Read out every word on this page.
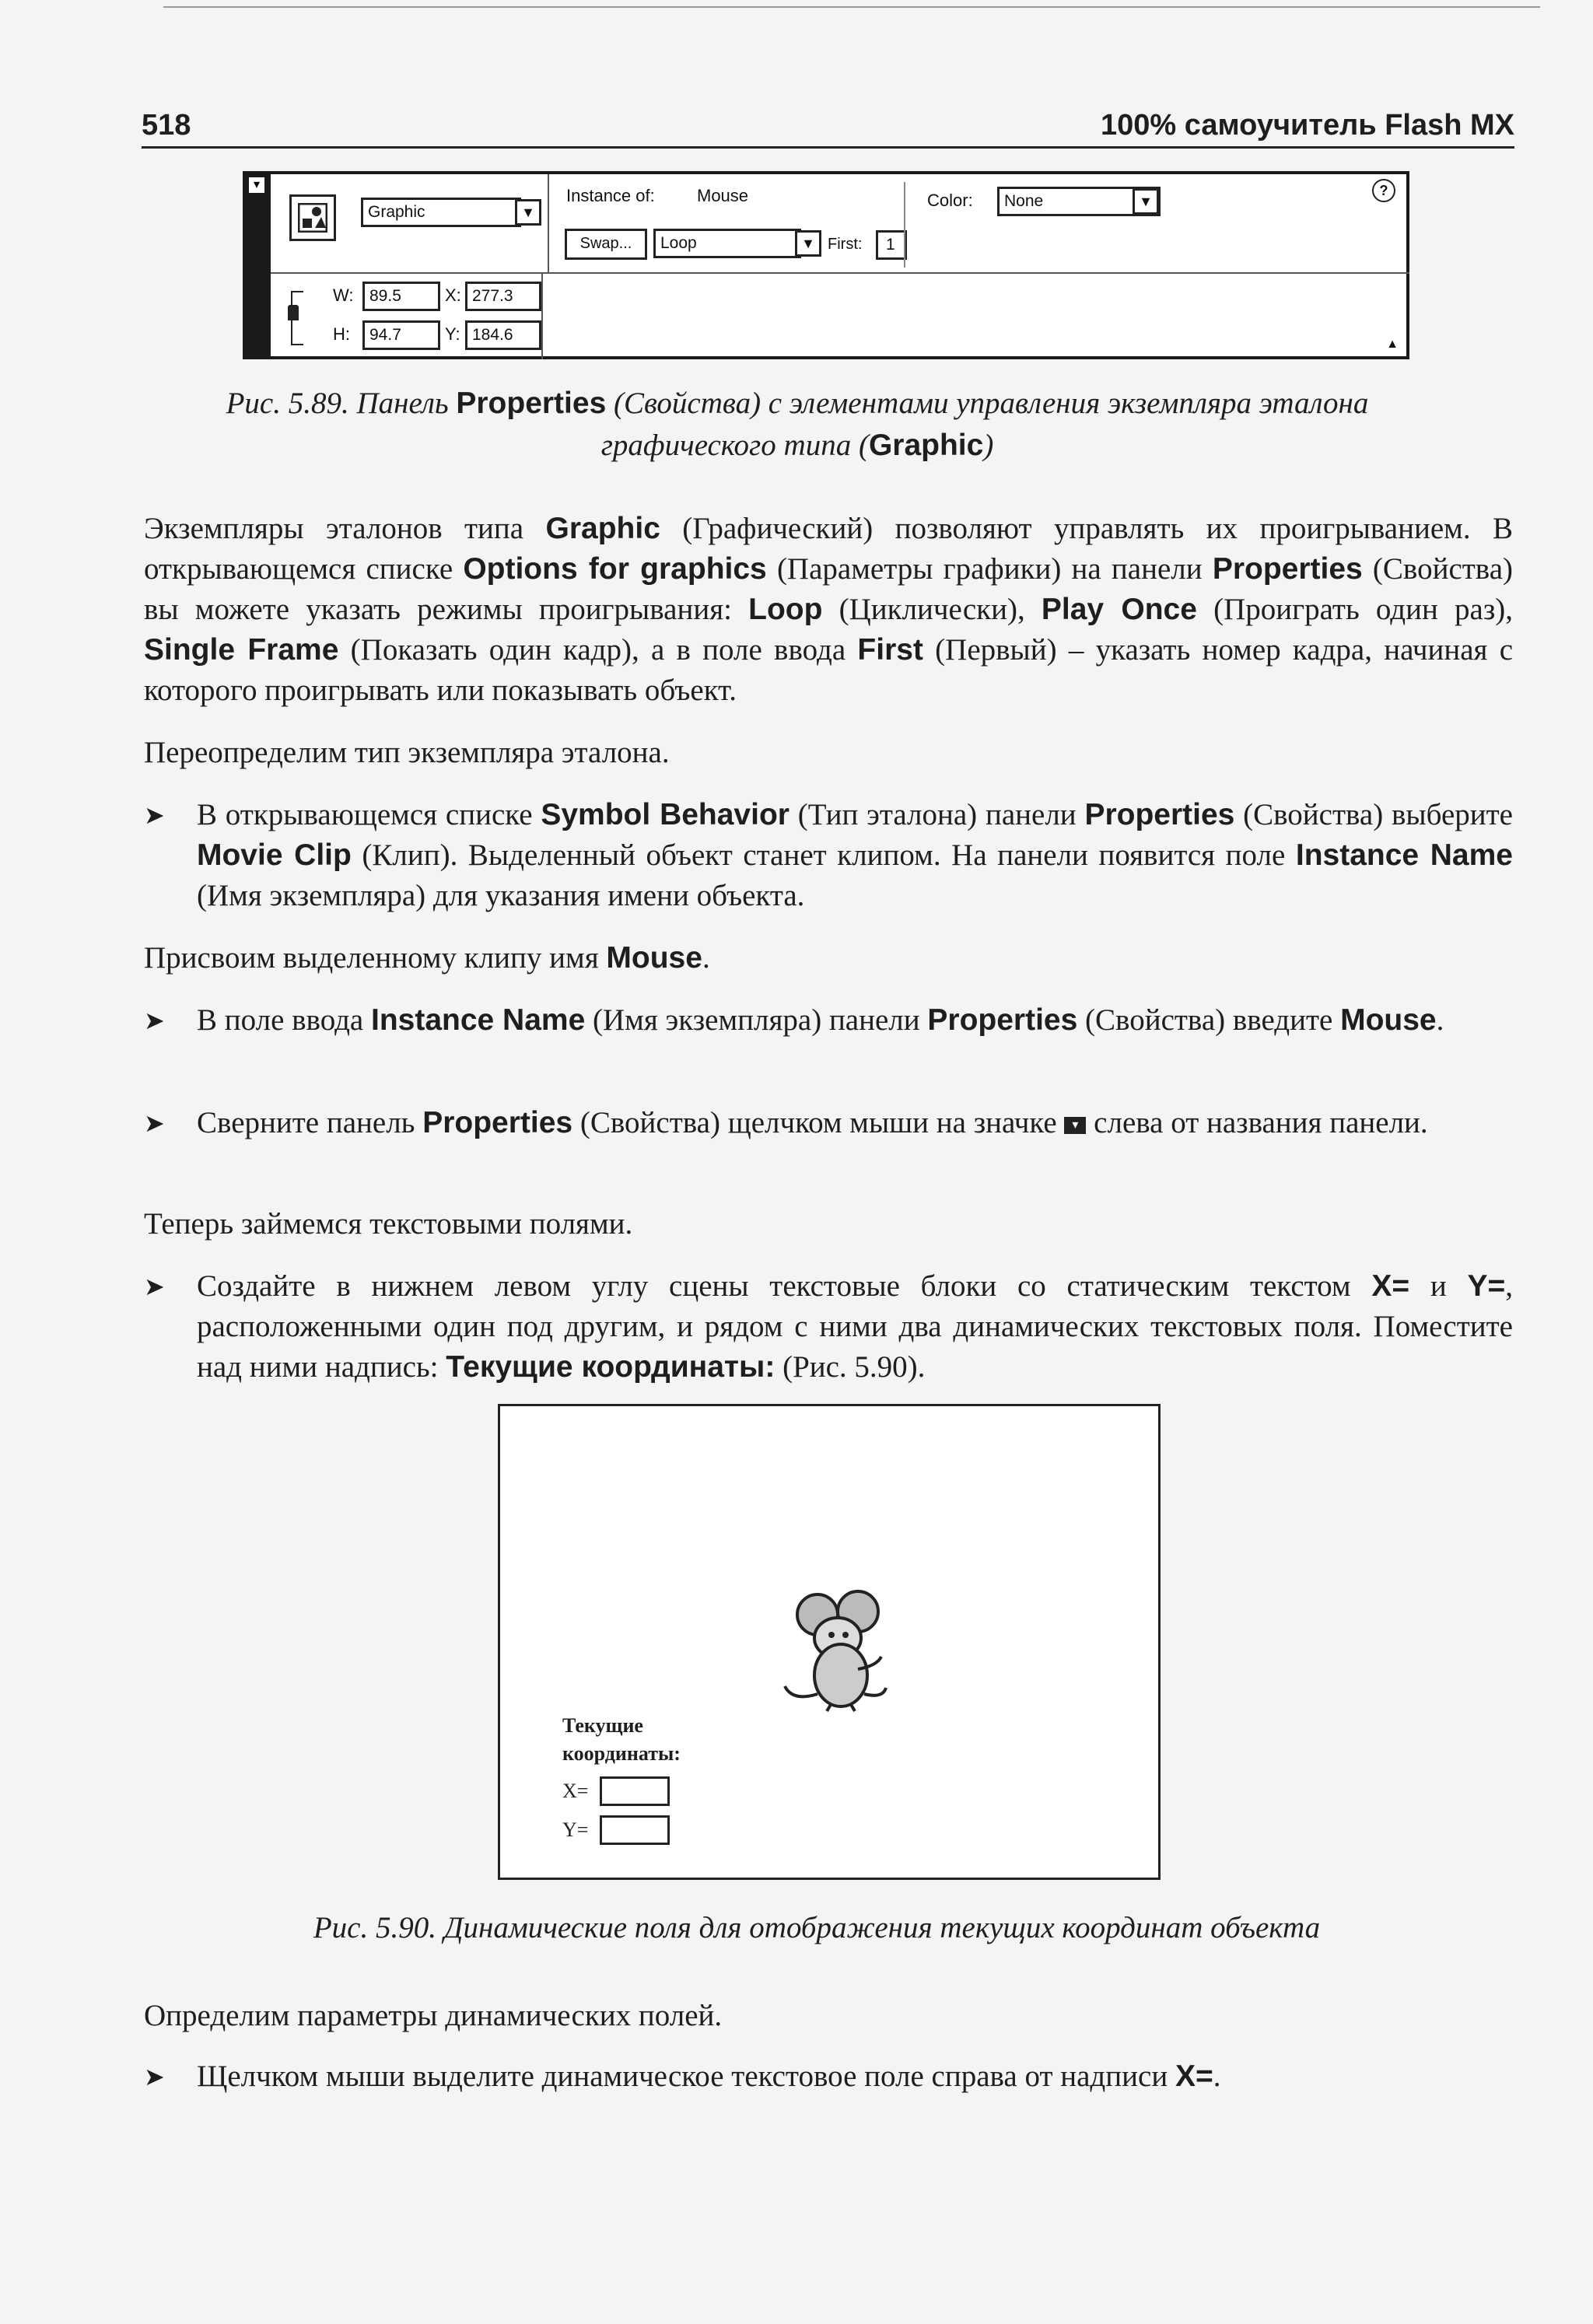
518	100% самоучитель Flash MX
▾
Graphic	▼
Instance of: Mouse
Swap...	Loop	▼ First:	1
Color:	None	▼
?
W: 89.5	X: 277.3
H:	94.7	Y: 184.6
▲
Рис. 5.89. Панель Properties (Свойства) с элементами управления экземпляра эталона графического типа (Graphic)
Экземпляры эталонов типа Graphic (Графический) позволяют управлять их проигрыванием. В открывающемся списке Options for graphics (Параметры графики) на панели Properties (Свойства) вы можете указать режимы проигрывания: Loop (Циклически), Play Once (Проиграть один раз), Single Frame (Показать один кадр), а в поле ввода First (Первый) – указать номер кадра, начиная с которого проигрывать или показывать объект.
Переопределим тип экземпляра эталона.
➤ В открывающемся списке Symbol Behavior (Тип эталона) панели Properties (Свойства) выберите Movie Clip (Клип). Выделенный объект станет клипом. На панели появится поле Instance Name (Имя экземпляра) для указания имени объекта.
Присвоим выделенному клипу имя Mouse.
➤ В поле ввода Instance Name (Имя экземпляра) панели Properties (Свойства) введите Mouse.
➤ Сверните панель Properties (Свойства) щелчком мыши на значке ▾ слева от названия панели.
Теперь займемся текстовыми полями.
➤ Создайте в нижнем левом углу сцены текстовые блоки со статическим текстом X= и Y=, расположенными один под другим, и рядом с ними два динамических текстовых поля. Поместите над ними надпись: Текущие координаты: (Рис. 5.90).
Текущие
координаты:
X=
Y=
Рис. 5.90. Динамические поля для отображения текущих координат объекта
Определим параметры динамических полей.
➤ Щелчком мыши выделите динамическое текстовое поле справа от надписи X=.
